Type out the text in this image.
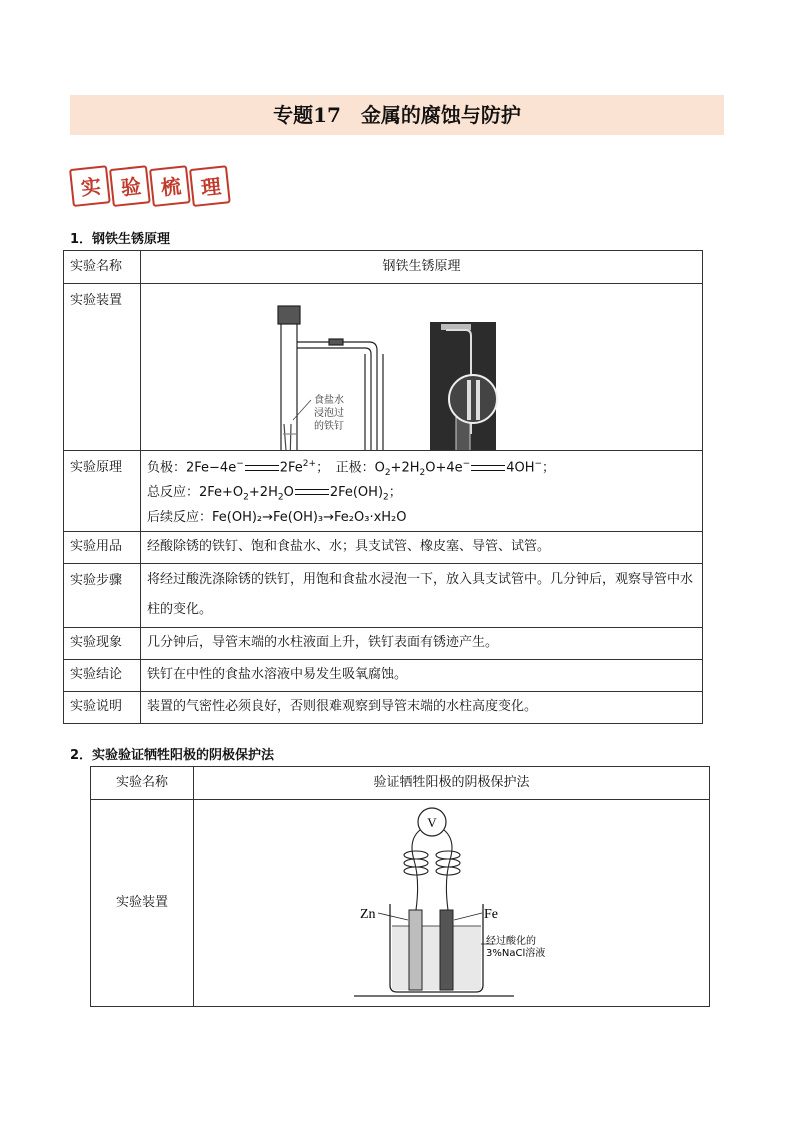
专题17　金属的腐蚀与防护
实 验 梳 理
1．钢铁生锈原理
实验名称	钢铁生锈原理
实验装置	食盐水
浸泡过
的铁钉

实验原理	负极：2Fe−4e− $2Fe^{2+}$；　正极：$O_2+2H_2O+4e^-$ 4OH−；
总反应：$2Fe+O_2+2H_2O$ $2Fe(OH)_2$；
后续反应：Fe(OH)₂→Fe(OH)₃→Fe₂O₃·xH₂O

实验用品	经酸除锈的铁钉、饱和食盐水、水；具支试管、橡皮塞、导管、试管。
实验步骤	将经过酸洗涤除锈的铁钉，用饱和食盐水浸泡一下，放入具支试管中。几分钟后，观察导管中水柱的变化。
实验现象	几分钟后，导管末端的水柱液面上升，铁钉表面有锈迹产生。
实验结论	铁钉在中性的食盐水溶液中易发生吸氧腐蚀。
实验说明	装置的气密性必须良好，否则很难观察到导管末端的水柱高度变化。
2．实验验证牺牲阳极的阴极保护法
实验名称	验证牺牲阳极的阴极保护法
实验装置	V
Zn Fe
经过酸化的
3%NaCl溶液
